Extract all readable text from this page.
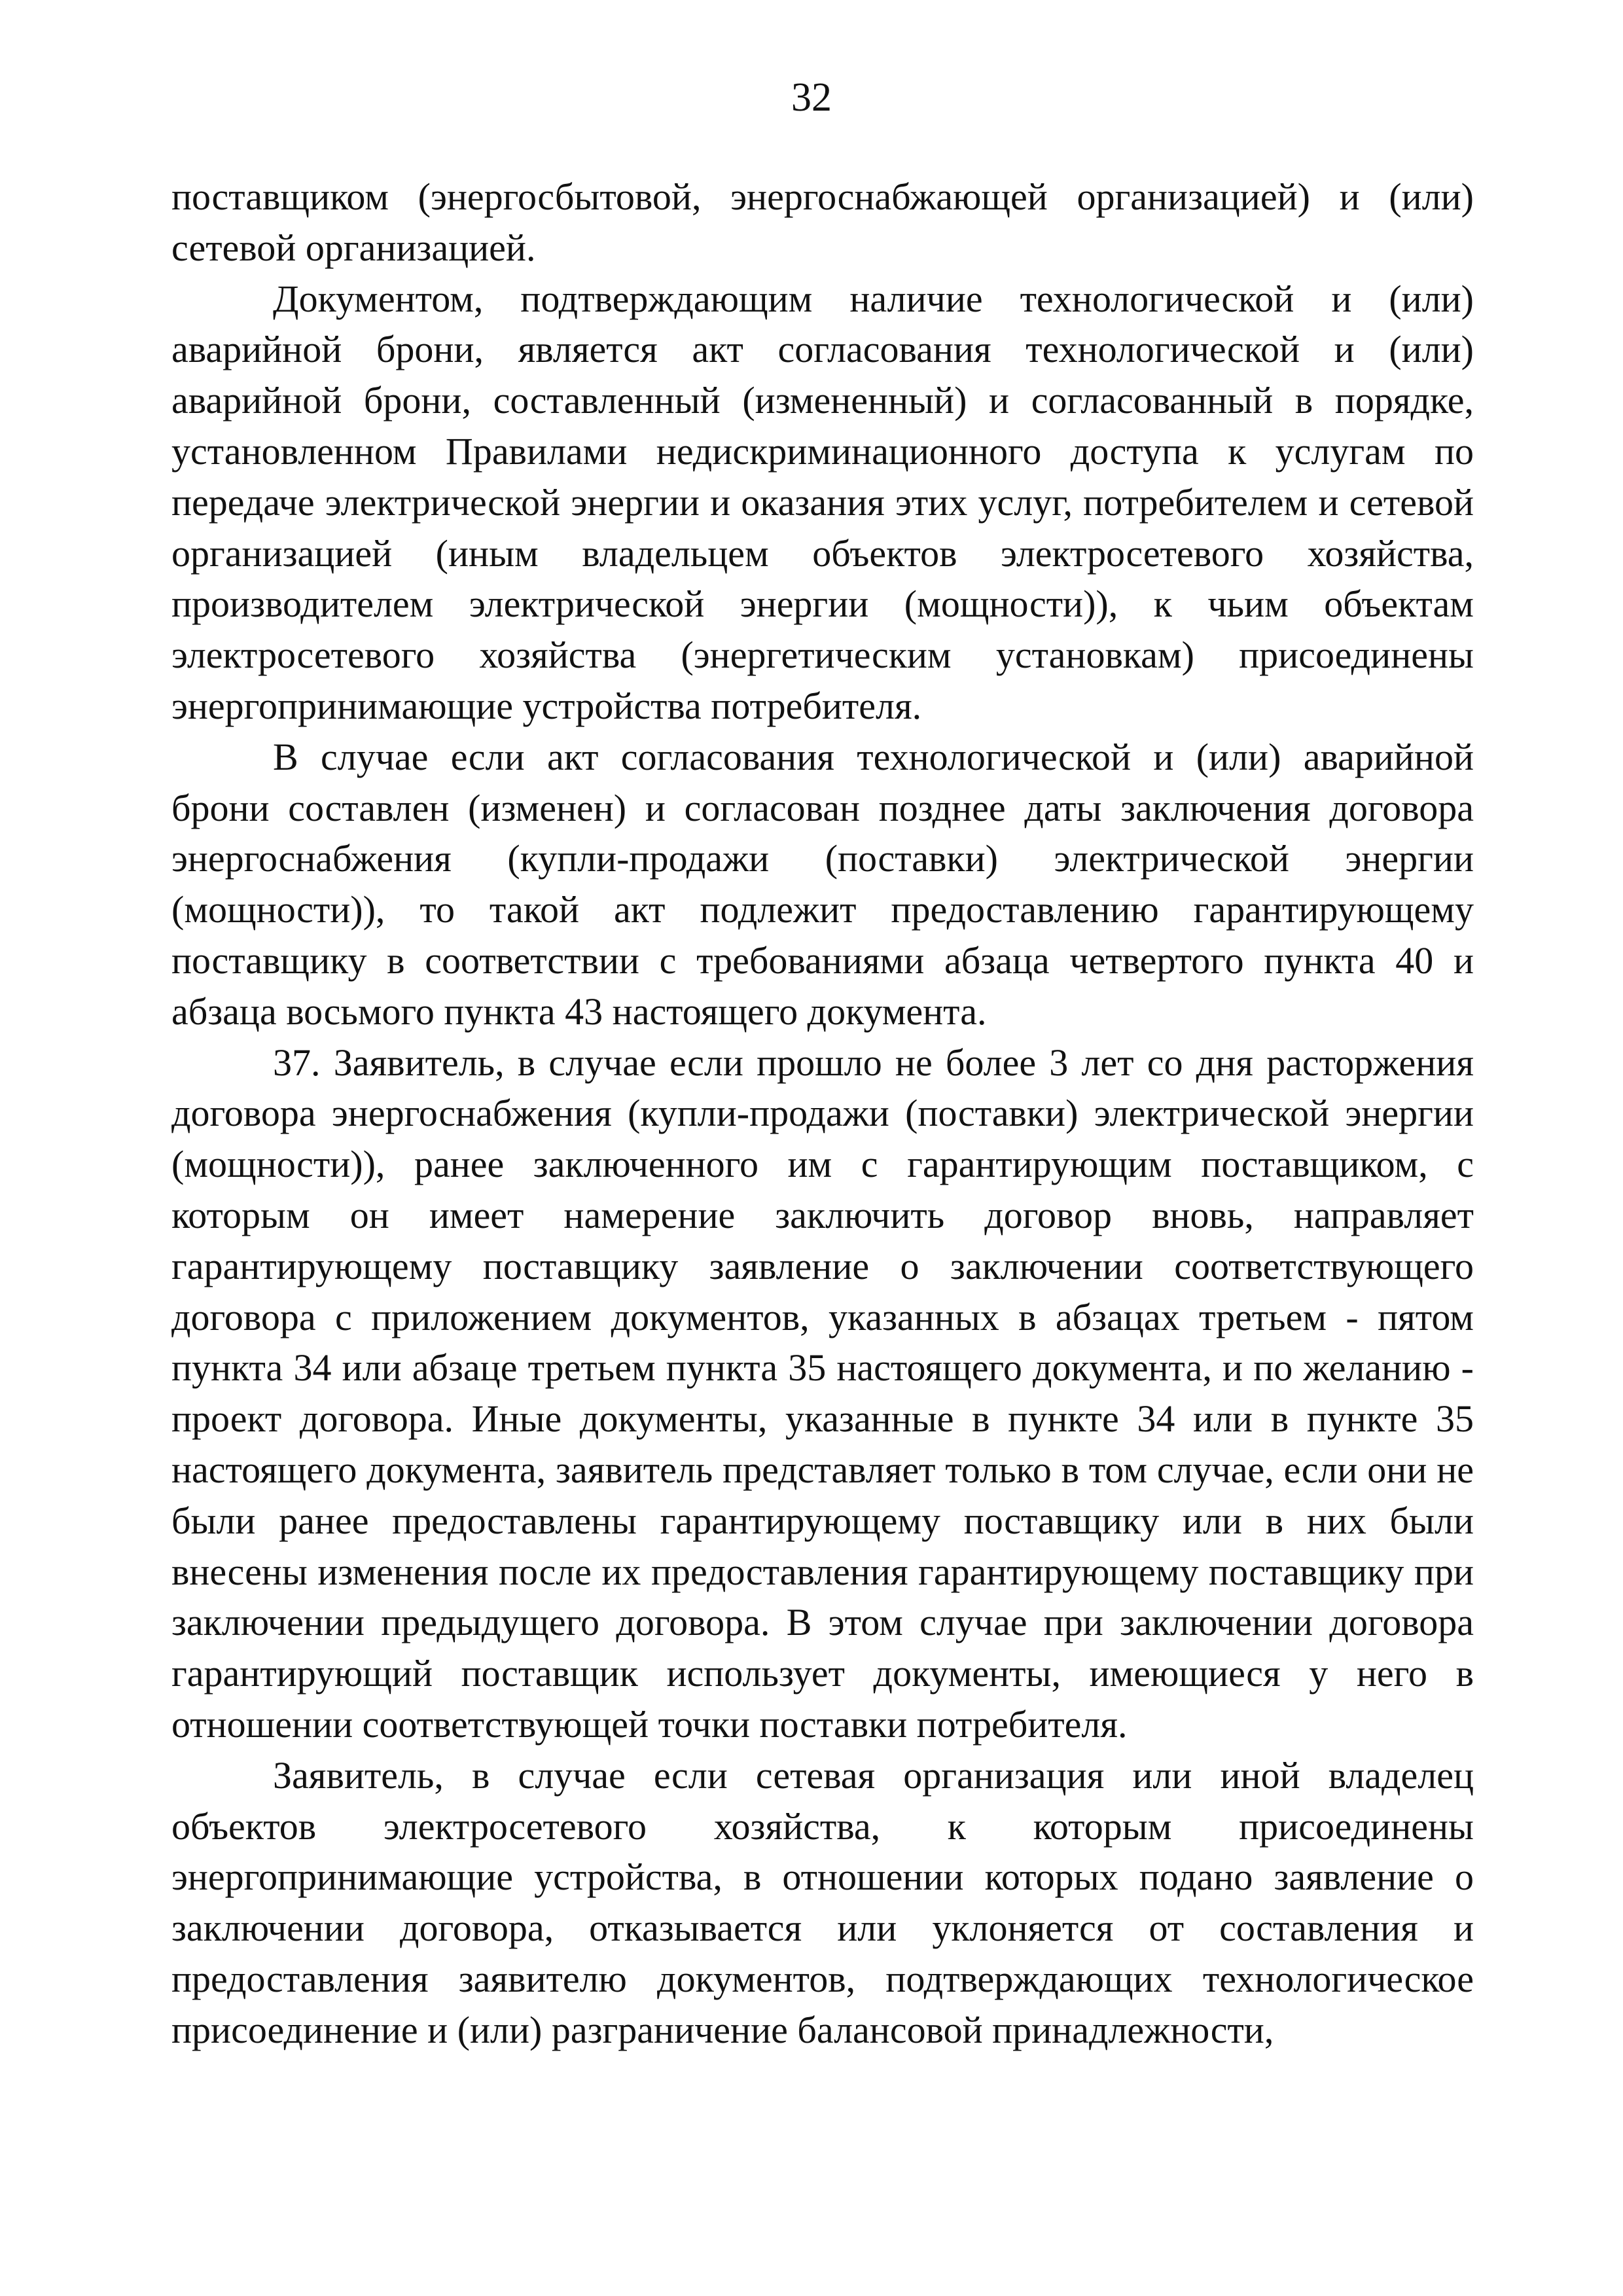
32

поставщиком (энергосбытовой, энергоснабжающей организацией) и (или) сетевой организацией.

Документом, подтверждающим наличие технологической и (или) аварийной брони, является акт согласования технологической и (или) аварийной брони, составленный (измененный) и согласованный в порядке, установленном Правилами недискриминационного доступа к услугам по передаче электрической энергии и оказания этих услуг, потребителем и сетевой организацией (иным владельцем объектов электросетевого хозяйства, производителем электрической энергии (мощности)), к чьим объектам электросетевого хозяйства (энергетическим установкам) присоединены энергопринимающие устройства потребителя.

В случае если акт согласования технологической и (или) аварийной брони составлен (изменен) и согласован позднее даты заключения договора энергоснабжения (купли-продажи (поставки) электрической энергии (мощности)), то такой акт подлежит предоставлению гарантирующему поставщику в соответствии с требованиями абзаца четвертого пункта 40 и абзаца восьмого пункта 43 настоящего документа.

37. Заявитель, в случае если прошло не более 3 лет со дня расторжения договора энергоснабжения (купли-продажи (поставки) электрической энергии (мощности)), ранее заключенного им с гарантирующим поставщиком, с которым он имеет намерение заключить договор вновь, направляет гарантирующему поставщику заявление о заключении соответствующего договора с приложением документов, указанных в абзацах третьем - пятом пункта 34 или абзаце третьем пункта 35 настоящего документа, и по желанию - проект договора. Иные документы, указанные в пункте 34 или в пункте 35 настоящего документа, заявитель представляет только в том случае, если они не были ранее предоставлены гарантирующему поставщику или в них были внесены изменения после их предоставления гарантирующему поставщику при заключении предыдущего договора. В этом случае при заключении договора гарантирующий поставщик использует документы, имеющиеся у него в отношении соответствующей точки поставки потребителя.

Заявитель, в случае если сетевая организация или иной владелец объектов электросетевого хозяйства, к которым присоединены энергопринимающие устройства, в отношении которых подано заявление о заключении договора, отказывается или уклоняется от составления и предоставления заявителю документов, подтверждающих технологическое присоединение и (или) разграничение балансовой принадлежности,
